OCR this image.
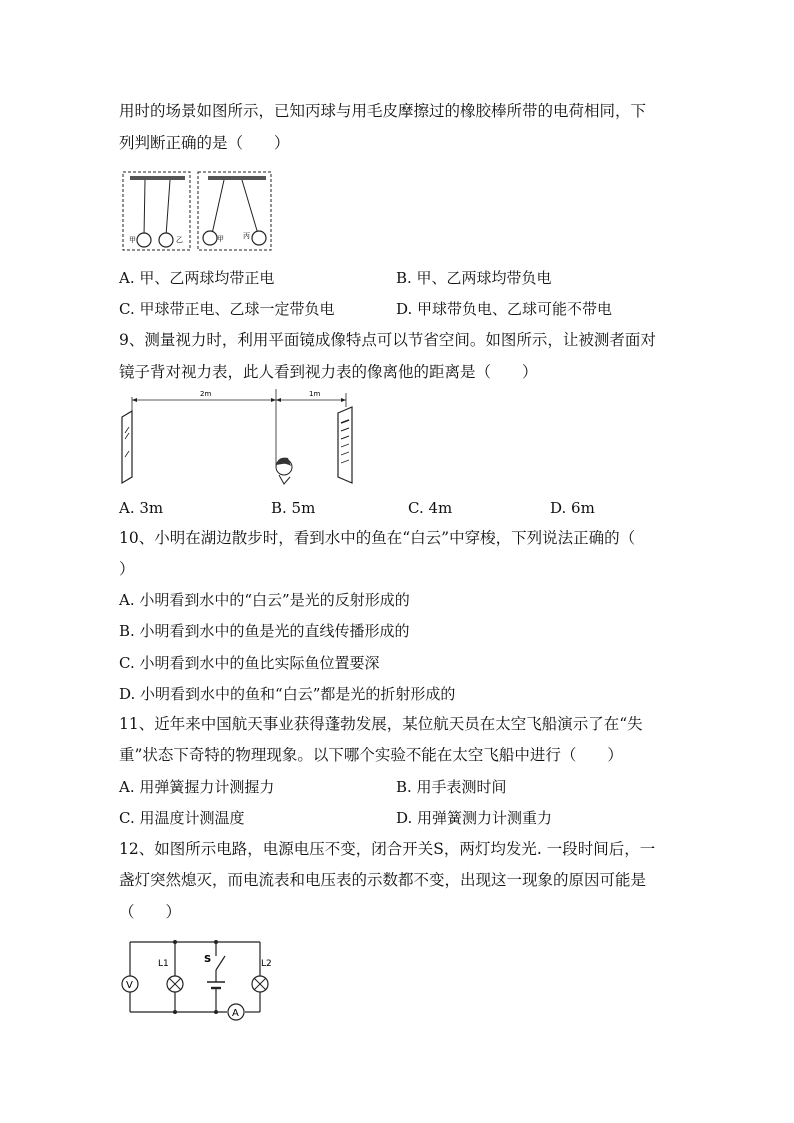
用时的场景如图所示，已知丙球与用毛皮摩擦过的橡胶棒所带的电荷相同，下
列判断正确的是（　　）
甲	乙	甲	丙
A. 甲、乙两球均带正电	B. 甲、乙两球均带负电
C. 甲球带正电、乙球一定带负电	D. 甲球带负电、乙球可能不带电
9、测量视力时，利用平面镜成像特点可以节省空间。如图所示，让被测者面对
镜子背对视力表，此人看到视力表的像离他的距离是（　　）
2m	1m
A. 3m	B. 5m	C. 4m	D. 6m
10、小明在湖边散步时，看到水中的鱼在“白云”中穿梭，下列说法正确的（
）
A. 小明看到水中的“白云”是光的反射形成的
B. 小明看到水中的鱼是光的直线传播形成的
C. 小明看到水中的鱼比实际鱼位置要深
D. 小明看到水中的鱼和“白云”都是光的折射形成的
11、近年来中国航天事业获得蓬勃发展，某位航天员在太空飞船演示了在“失
重”状态下奇特的物理现象。以下哪个实验不能在太空飞船中进行（　　）
A. 用弹簧握力计测握力	B. 用手表测时间
C. 用温度计测温度	D. 用弹簧测力计测重力
12、如图所示电路，电源电压不变，闭合开关S，两灯均发光. 一段时间后，一
盏灯突然熄灭，而电流表和电压表的示数都不变，出现这一现象的原因可能是
（　　）
V
L1	L2
S
A
